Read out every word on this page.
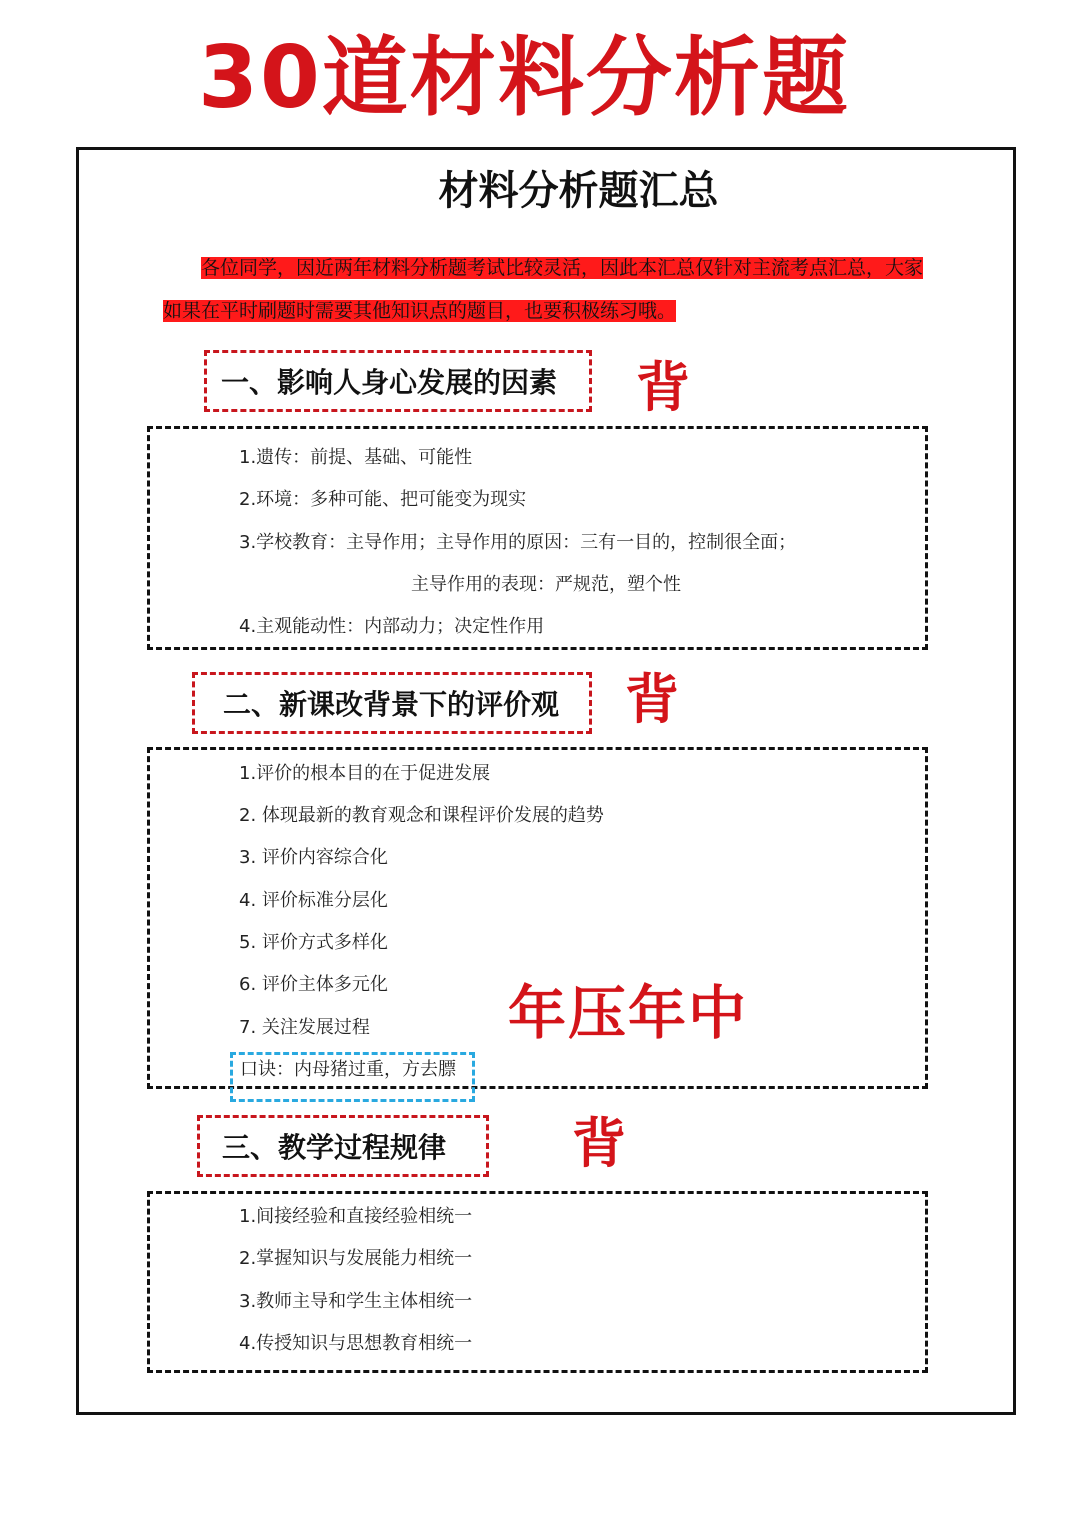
30道材料分析题
材料分析题汇总
各位同学，因近两年材料分析题考试比较灵活，因此本汇总仅针对主流考点汇总，大家如果在平时刷题时需要其他知识点的题目，也要积极练习哦。
一、影响人身心发展的因素 背
1.遗传：前提、基础、可能性
2.环境：多种可能、把可能变为现实
3.学校教育：主导作用；主导作用的原因：三有一目的，控制很全面；
主导作用的表现：严规范，塑个性
4.主观能动性：内部动力；决定性作用
二、新课改背景下的评价观 背
1.评价的根本目的在于促进发展
2. 体现最新的教育观念和课程评价发展的趋势
3. 评价内容综合化
4. 评价标准分层化
5. 评价方式多样化
6. 评价主体多元化
7. 关注发展过程 年压年中
口诀：内母猪过重，方去膘
三、教学过程规律 背
1.间接经验和直接经验相统一
2.掌握知识与发展能力相统一
3.教师主导和学生主体相统一
4.传授知识与思想教育相统一
